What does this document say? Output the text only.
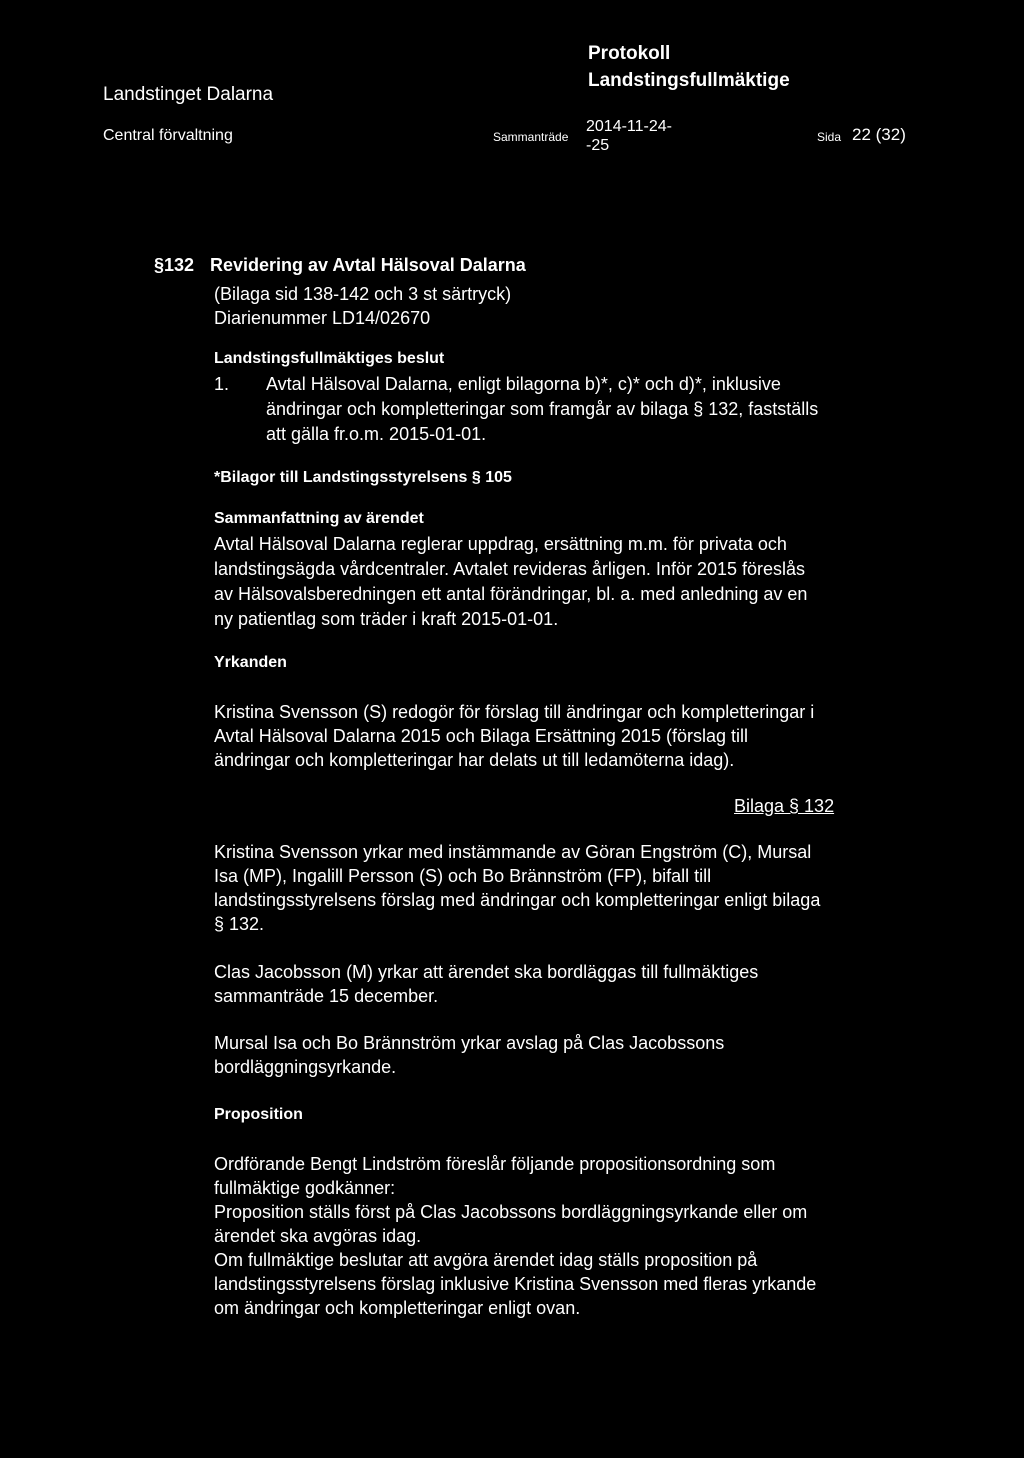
Landstinget Dalarna
Central förvaltning
Protokoll
Landstingsfullmäktige
Sammanträde
2014-11-24-
-25	Sida 22 (32)
§132 Revidering av Avtal Hälsoval Dalarna
(Bilaga sid 138-142 och 3 st särtryck)
Diarienummer LD14/02670
Landstingsfullmäktiges beslut
1. Avtal Hälsoval Dalarna, enligt bilagorna b)*, c)* och d)*, inklusive
ändringar och kompletteringar som framgår av bilaga § 132, fastställs
att gälla fr.o.m. 2015-01-01.
*Bilagor till Landstingsstyrelsens § 105
Sammanfattning av ärendet
Avtal Hälsoval Dalarna reglerar uppdrag, ersättning m.m. för privata och
landstingsägda vårdcentraler. Avtalet revideras årligen. Inför 2015 föreslås
av Hälsovalsberedningen ett antal förändringar, bl. a. med anledning av en
ny patientlag som träder i kraft 2015-01-01.
Yrkanden
Kristina Svensson (S) redogör för förslag till ändringar och kompletteringar i
Avtal Hälsoval Dalarna 2015 och Bilaga Ersättning 2015 (förslag till
ändringar och kompletteringar har delats ut till ledamöterna idag).
Bilaga § 132
Kristina Svensson yrkar med instämmande av Göran Engström (C), Mursal
Isa (MP), Ingalill Persson (S) och Bo Brännström (FP), bifall till
landstingsstyrelsens förslag med ändringar och kompletteringar enligt bilaga
§ 132.
Clas Jacobsson (M) yrkar att ärendet ska bordläggas till fullmäktiges
sammanträde 15 december.
Mursal Isa och Bo Brännström yrkar avslag på Clas Jacobssons
bordläggningsyrkande.
Proposition
Ordförande Bengt Lindström föreslår följande propositionsordning som
fullmäktige godkänner:
Proposition ställs först på Clas Jacobssons bordläggningsyrkande eller om
ärendet ska avgöras idag.
Om fullmäktige beslutar att avgöra ärendet idag ställs proposition på
landstingsstyrelsens förslag inklusive Kristina Svensson med fleras yrkande
om ändringar och kompletteringar enligt ovan.
